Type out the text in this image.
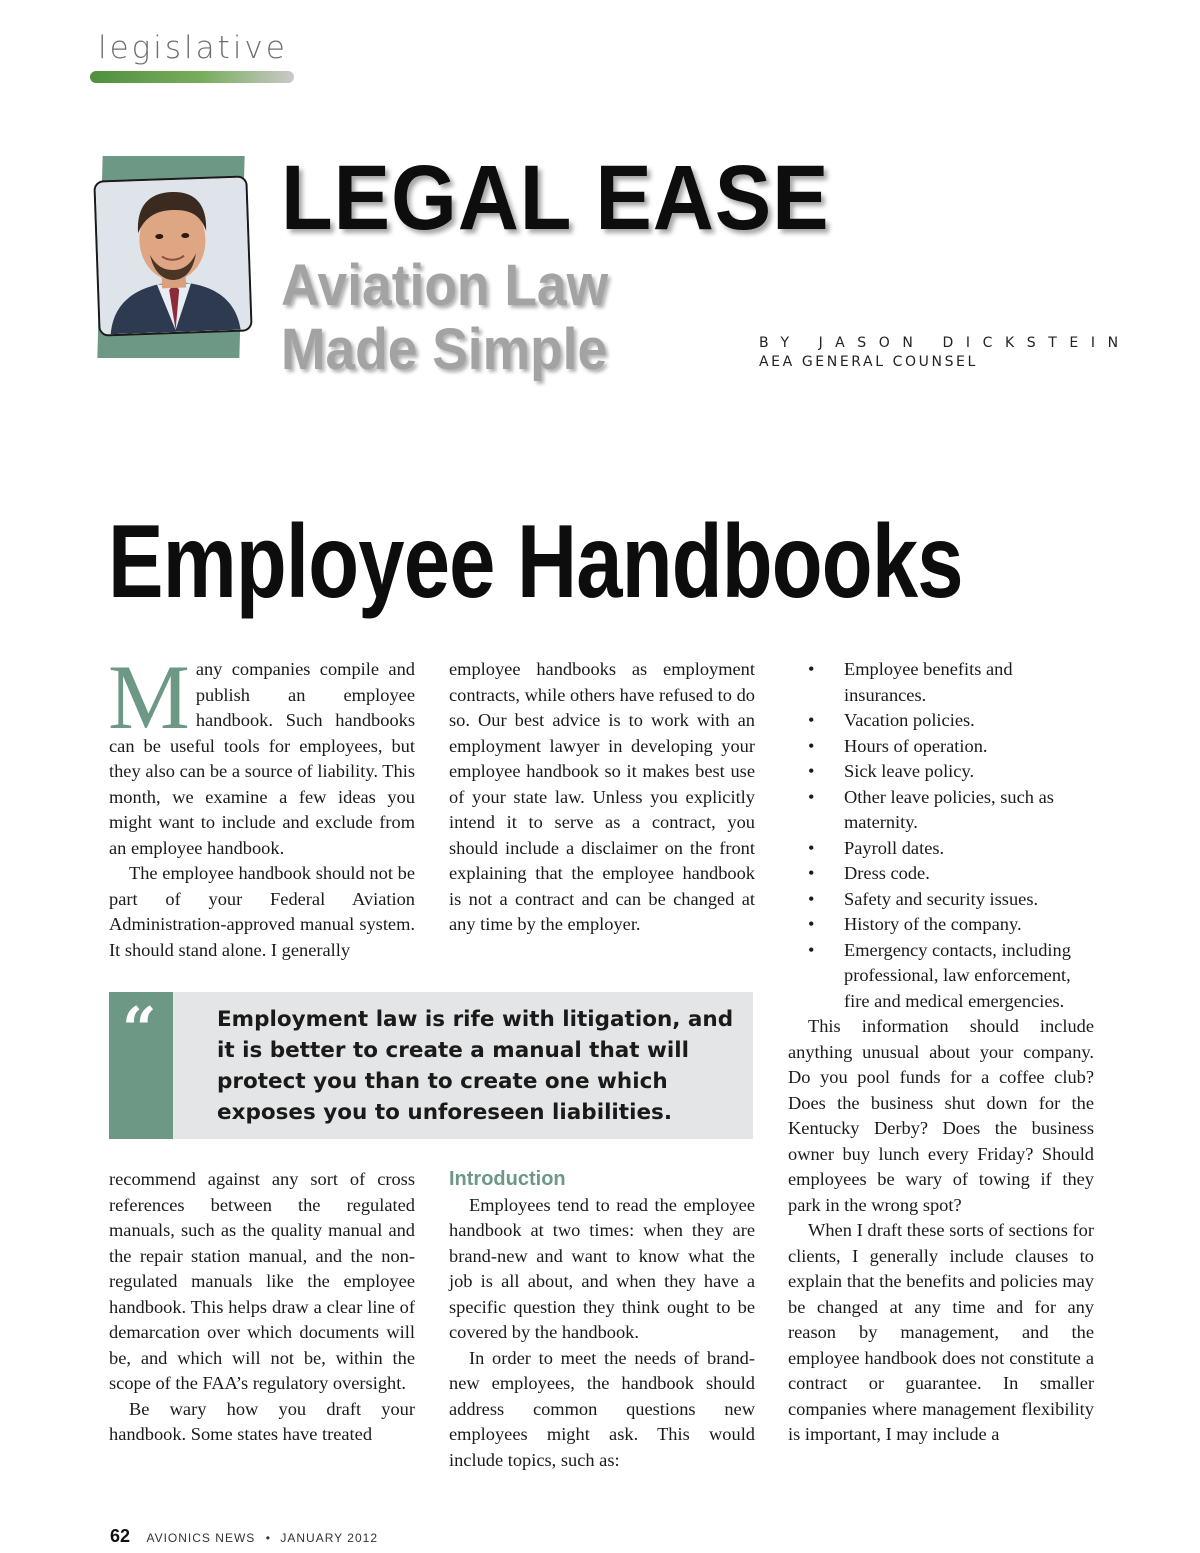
legislative
LEGAL EASE
Aviation Law
Made Simple	BY JASON DICKSTEIN
AEA GENERAL COUNSEL
Employee Handbooks

Many companies compile and publish an employee handbook. Such handbooks can be useful tools for employees, but they also can be a source of liability. This month, we examine a few ideas you might want to include and exclude from an employee handbook.

The employee handbook should not be part of your Federal Aviation Administration-approved manual system. It should stand alone. I generally

employee handbooks as employment contracts, while others have refused to do so. Our best advice is to work with an employment lawyer in developing your employee handbook so it makes best use of your state law. Unless you explicitly intend it to serve as a contract, you should include a disclaimer on the front explaining that the employee handbook is not a contract and can be changed at any time by the employer.

“	Employment law is rife with litigation, and it is better to create a manual that will protect you than to create one which exposes you to unforeseen liabilities.

recommend against any sort of cross references between the regulated manuals, such as the quality manual and the repair station manual, and the non-regulated manuals like the employee handbook. This helps draw a clear line of demarcation over which documents will be, and which will not be, within the scope of the FAA’s regulatory oversight.

Be wary how you draft your handbook. Some states have treated

Introduction

Employees tend to read the employee handbook at two times: when they are brand-new and want to know what the job is all about, and when they have a specific question they think ought to be covered by the handbook.

In order to meet the needs of brand-new employees, the handbook should address common questions new employees might ask. This would include topics, such as:

• Employee benefits and insurances.
• Vacation policies.
• Hours of operation.
• Sick leave policy.
• Other leave policies, such as maternity.
• Payroll dates.
• Dress code.
• Safety and security issues.
• History of the company.
• Emergency contacts, including professional, law enforcement, fire and medical emergencies.

This information should include anything unusual about your company. Do you pool funds for a coffee club? Does the business shut down for the Kentucky Derby? Does the business owner buy lunch every Friday? Should employees be wary of towing if they park in the wrong spot?

When I draft these sorts of sections for clients, I generally include clauses to explain that the benefits and policies may be changed at any time and for any reason by management, and the employee handbook does not constitute a contract or guarantee. In smaller companies where management flexibility is important, I may include a

62 AVIONICS NEWS • JANUARY 2012
